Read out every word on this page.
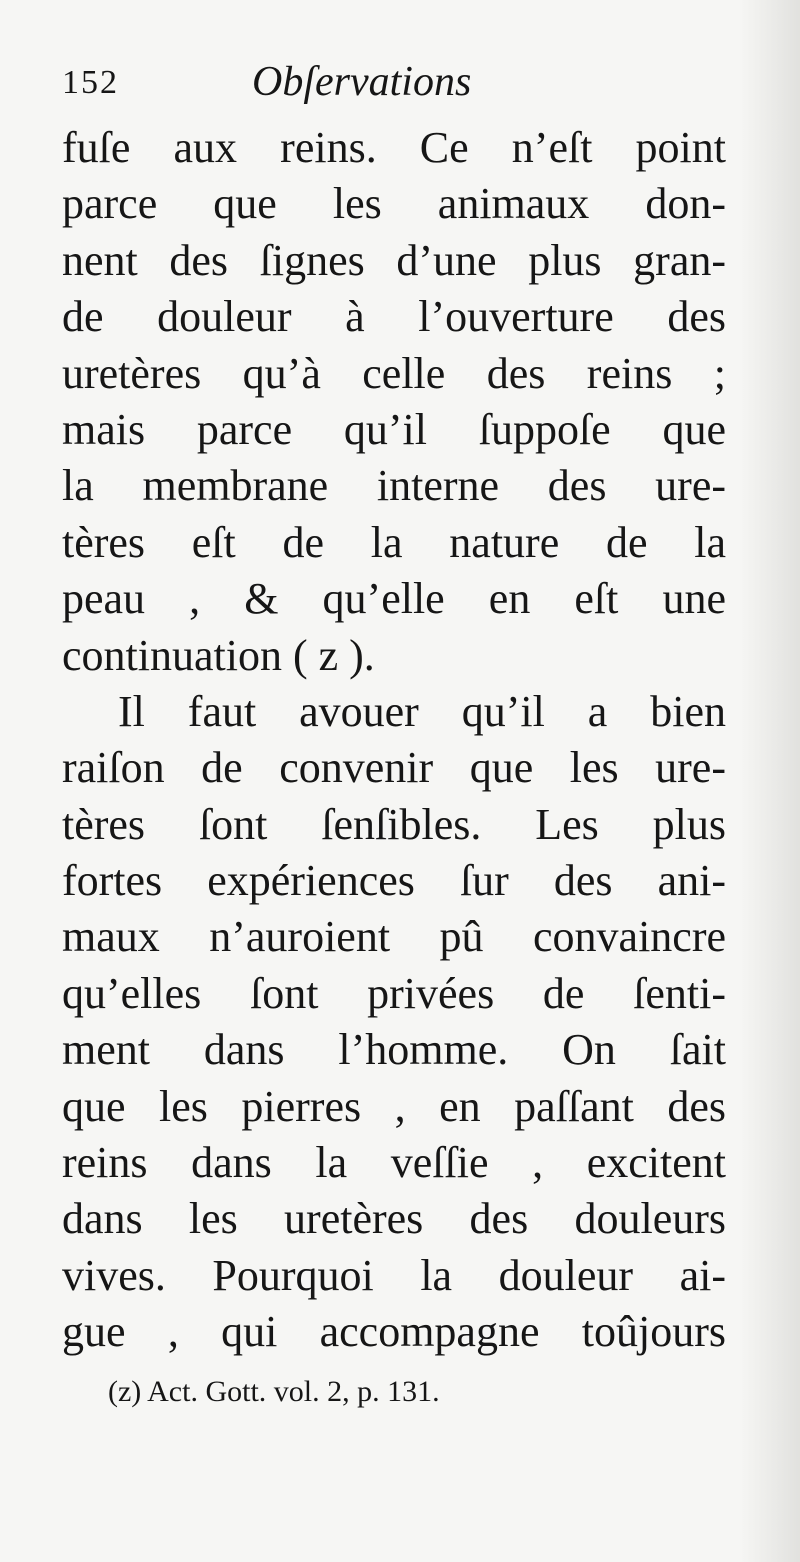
152	Obſervations
fuſe aux reins. Ce n’eſt point
parce que les animaux don-
nent des ſignes d’une plus gran-
de douleur à l’ouverture des
uretères qu’à celle des reins ;
mais parce qu’il ſuppoſe que
la membrane interne des ure-
tères eſt de la nature de la
peau , & qu’elle en eſt une
continuation ( z ).
Il faut avouer qu’il a bien
raiſon de convenir que les ure-
tères ſont ſenſibles. Les plus
fortes expériences ſur des ani-
maux n’auroient pû convaincre
qu’elles ſont privées de ſenti-
ment dans l’homme. On ſait
que les pierres , en paſſant des
reins dans la veſſie , excitent
dans les uretères des douleurs
vives. Pourquoi la douleur ai-
gue , qui accompagne toûjours
(z) Act. Gott. vol. 2, p. 131.
